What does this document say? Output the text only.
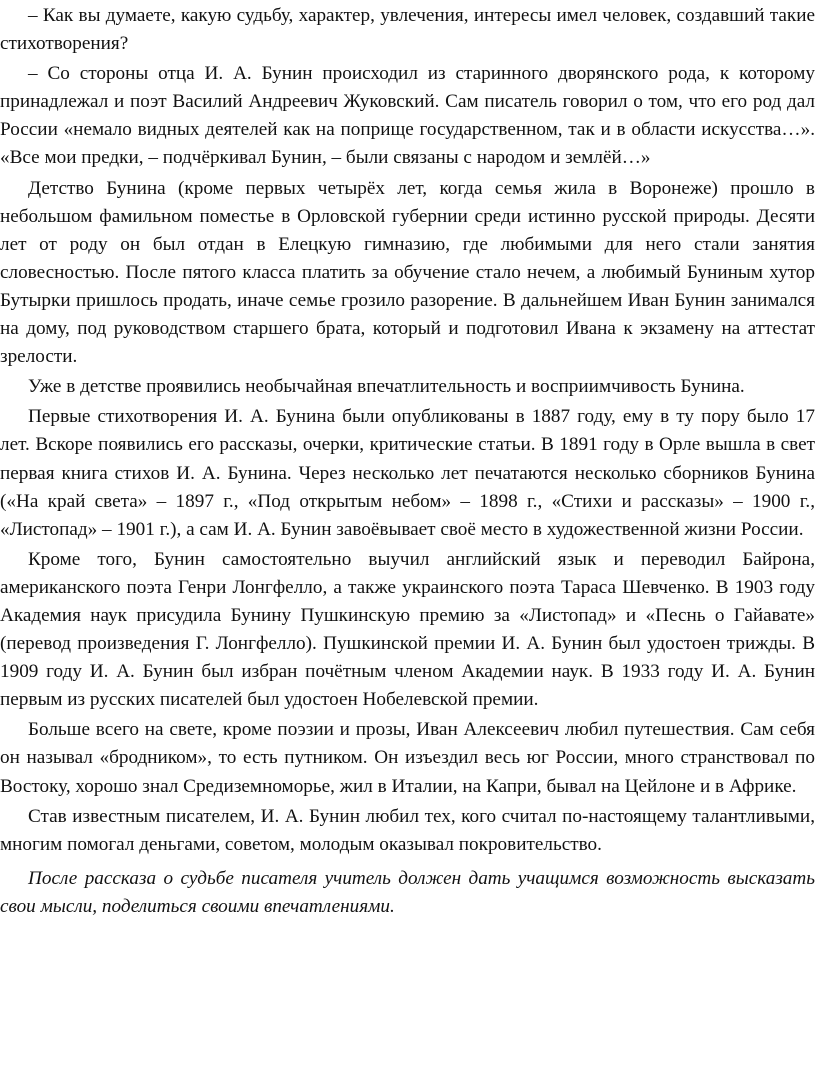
– Как вы думаете, какую судьбу, характер, увлечения, интересы имел человек, создавший такие стихотворения?

– Со стороны отца И. А. Бунин происходил из старинного дворянского рода, к которому принадлежал и поэт Василий Андреевич Жуковский. Сам писатель говорил о том, что его род дал России «немало видных деятелей как на поприще государственном, так и в области искусства…». «Все мои предки, – подчёркивал Бунин, – были связаны с народом и землёй…»

Детство Бунина (кроме первых четырёх лет, когда семья жила в Воронеже) прошло в небольшом фамильном поместье в Орловской губернии среди истинно русской природы. Десяти лет от роду он был отдан в Елецкую гимназию, где любимыми для него стали занятия словесностью. После пятого класса платить за обучение стало нечем, а любимый Буниным хутор Бутырки пришлось продать, иначе семье грозило разорение. В дальнейшем Иван Бунин занимался на дому, под руководством старшего брата, который и подготовил Ивана к экзамену на аттестат зрелости.

Уже в детстве проявились необычайная впечатлительность и восприимчивость Бунина.

Первые стихотворения И. А. Бунина были опубликованы в 1887 году, ему в ту пору было 17 лет. Вскоре появились его рассказы, очерки, критические статьи. В 1891 году в Орле вышла в свет первая книга стихов И. А. Бунина. Через несколько лет печатаются несколько сборников Бунина («На край света» – 1897 г., «Под открытым небом» – 1898 г., «Стихи и рассказы» – 1900 г., «Листопад» – 1901 г.), а сам И. А. Бунин завоёвывает своё место в художественной жизни России.

Кроме того, Бунин самостоятельно выучил английский язык и переводил Байрона, американского поэта Генри Лонгфелло, а также украинского поэта Тараса Шевченко. В 1903 году Академия наук присудила Бунину Пушкинскую премию за «Листопад» и «Песнь о Гайавате» (перевод произведения Г. Лонгфелло). Пушкинской премии И. А. Бунин был удостоен трижды. В 1909 году И. А. Бунин был избран почётным членом Академии наук. В 1933 году И. А. Бунин первым из русских писателей был удостоен Нобелевской премии.

Больше всего на свете, кроме поэзии и прозы, Иван Алексеевич любил путешествия. Сам себя он называл «бродником», то есть путником. Он изъездил весь юг России, много странствовал по Востоку, хорошо знал Средиземноморье, жил в Италии, на Капри, бывал на Цейлоне и в Африке.

Став известным писателем, И. А. Бунин любил тех, кого считал по-настоящему талантливыми, многим помогал деньгами, советом, молодым оказывал покровительство.

После рассказа о судьбе писателя учитель должен дать учащимся возможность высказать свои мысли, поделиться своими впечатлениями.
